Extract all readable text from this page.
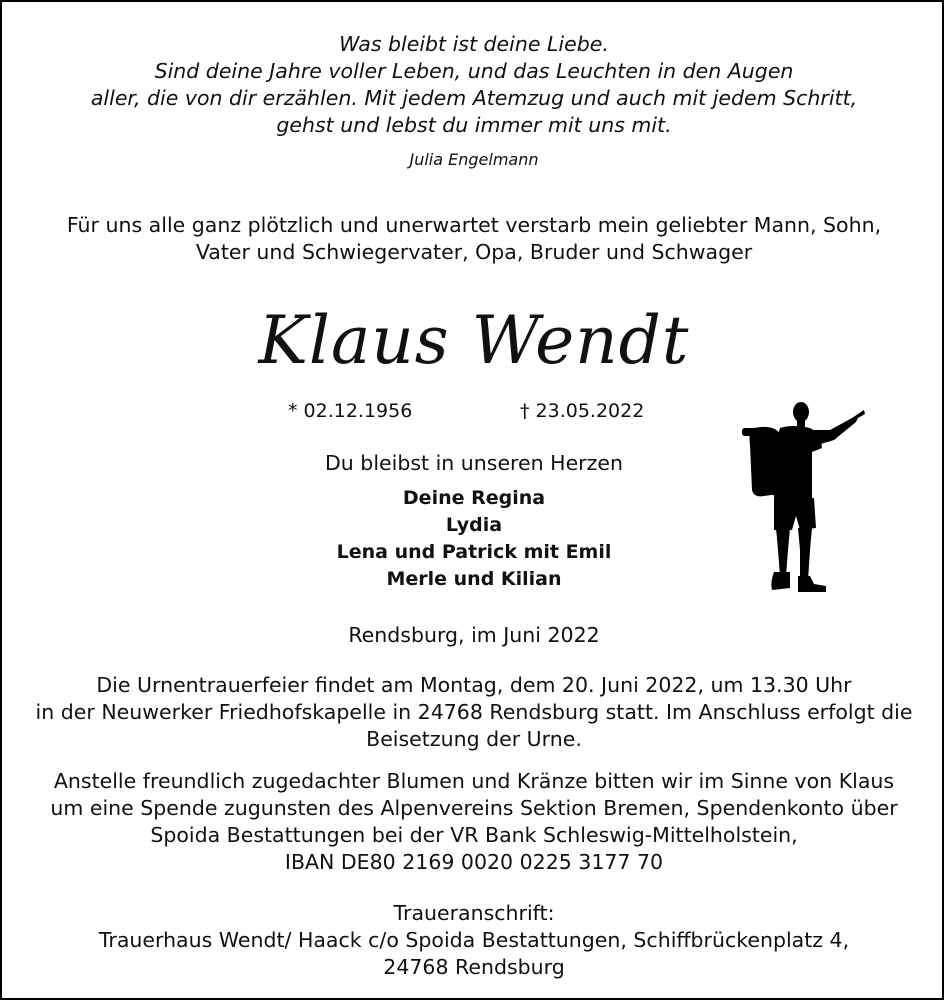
Was bleibt ist deine Liebe.
Sind deine Jahre voller Leben, und das Leuchten in den Augen
aller, die von dir erzählen. Mit jedem Atemzug und auch mit jedem Schritt,
gehst und lebst du immer mit uns mit.
Julia Engelmann
Für uns alle ganz plötzlich und unerwartet verstarb mein geliebter Mann, Sohn,
Vater und Schwiegervater, Opa, Bruder und Schwager
Klaus Wendt
* 02.12.1956	† 23.05.2022
Du bleibst in unseren Herzen
Deine Regina
Lydia
Lena und Patrick mit Emil
Merle und Kilian
Rendsburg, im Juni 2022
Die Urnentrauerfeier findet am Montag, dem 20. Juni 2022, um 13.30 Uhr
in der Neuwerker Friedhofskapelle in 24768 Rendsburg statt. Im Anschluss erfolgt die
Beisetzung der Urne.
Anstelle freundlich zugedachter Blumen und Kränze bitten wir im Sinne von Klaus
um eine Spende zugunsten des Alpenvereins Sektion Bremen, Spendenkonto über
Spoida Bestattungen bei der VR Bank Schleswig-Mittelholstein,
IBAN DE80 2169 0020 0225 3177 70
Traueranschrift:
Trauerhaus Wendt/ Haack c/o Spoida Bestattungen, Schiffbrückenplatz 4,
24768 Rendsburg
